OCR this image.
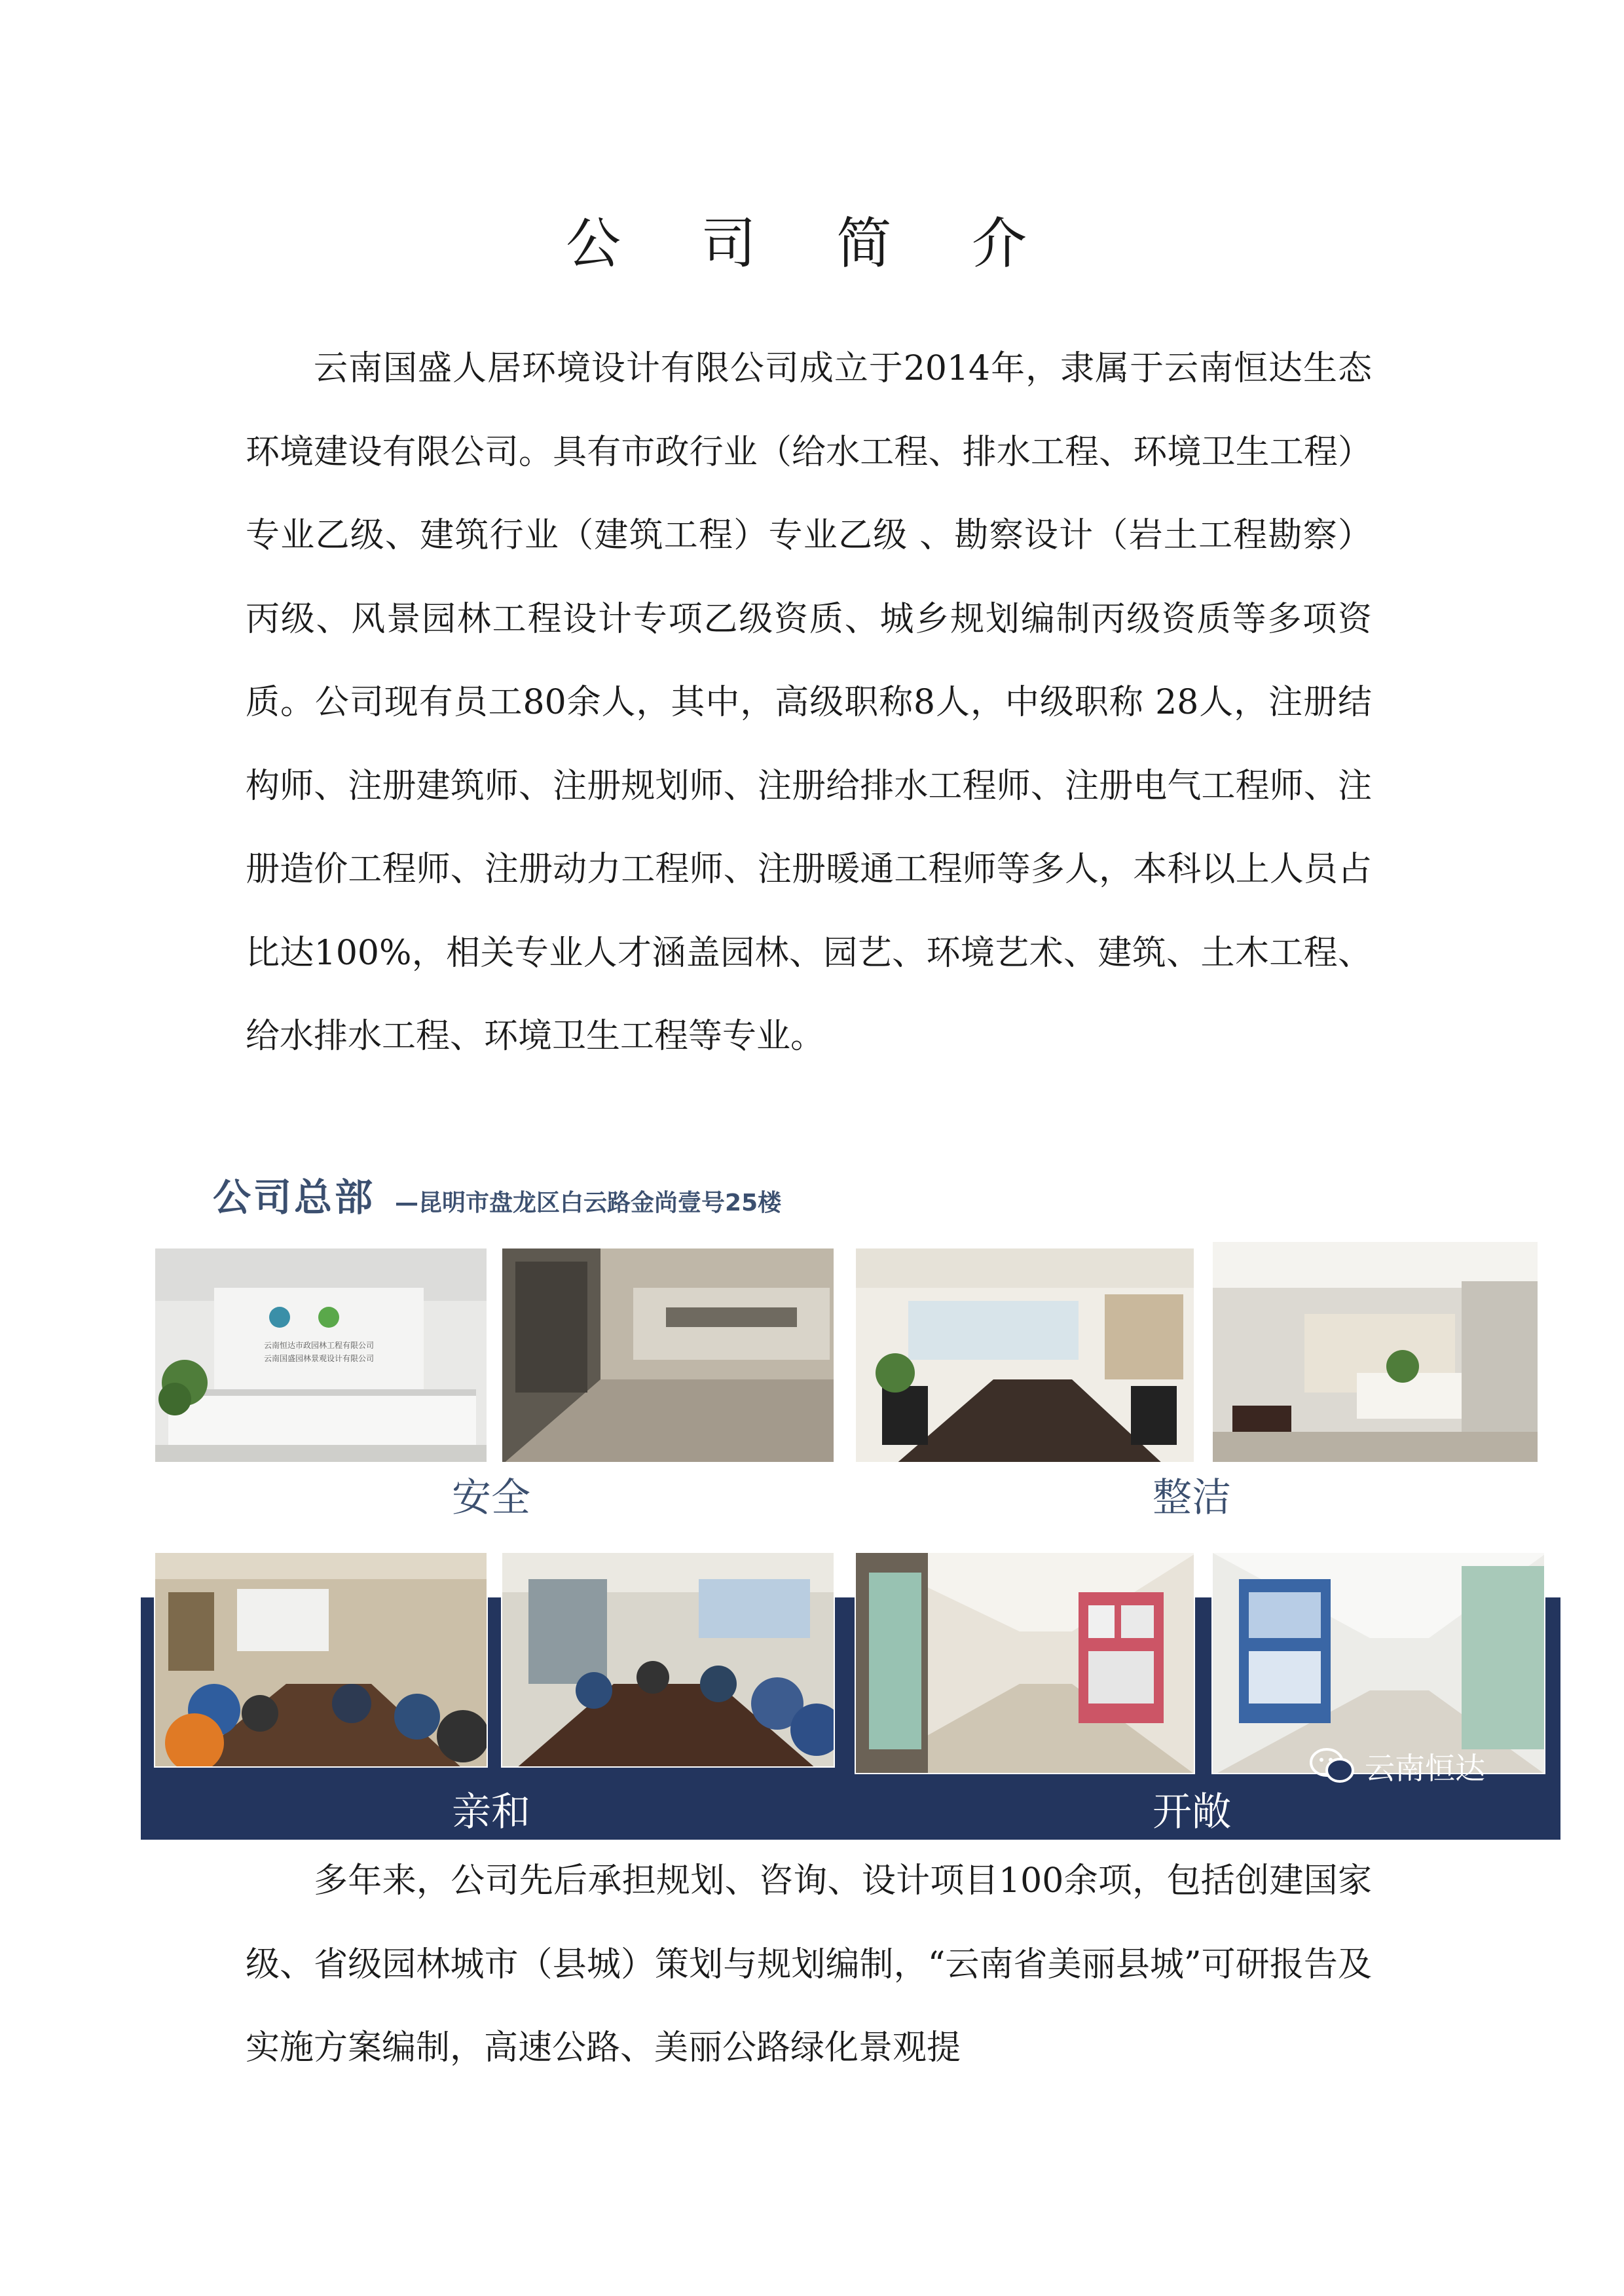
公 司 简 介

云南国盛人居环境设计有限公司成立于2014年，隶属于云南恒达生态环境建设有限公司。具有市政行业（给水工程、排水工程、环境卫生工程）专业乙级、建筑行业（建筑工程）专业乙级 、勘察设计（岩土工程勘察）丙级、风景园林工程设计专项乙级资质、城乡规划编制丙级资质等多项资质。公司现有员工80余人，其中，高级职称8人，中级职称 28人，注册结构师、注册建筑师、注册规划师、注册给排水工程师、注册电气工程师、注册造价工程师、注册动力工程师、注册暖通工程师等多人，本科以上人员占比达100%，相关专业人才涵盖园林、园艺、环境艺术、建筑、土木工程、给水排水工程、环境卫生工程等专业。

公司总部 —昆明市盘龙区白云路金尚壹号25楼
云南恒达市政园林工程有限公司
云南国盛园林景观设计有限公司
安全	整洁
亲和	开敞
云南恒达

多年来，公司先后承担规划、咨询、设计项目100余项，包括创建国家级、省级园林城市（县城）策划与规划编制，“云南省美丽县城”可研报告及实施方案编制，高速公路、美丽公路绿化景观提
